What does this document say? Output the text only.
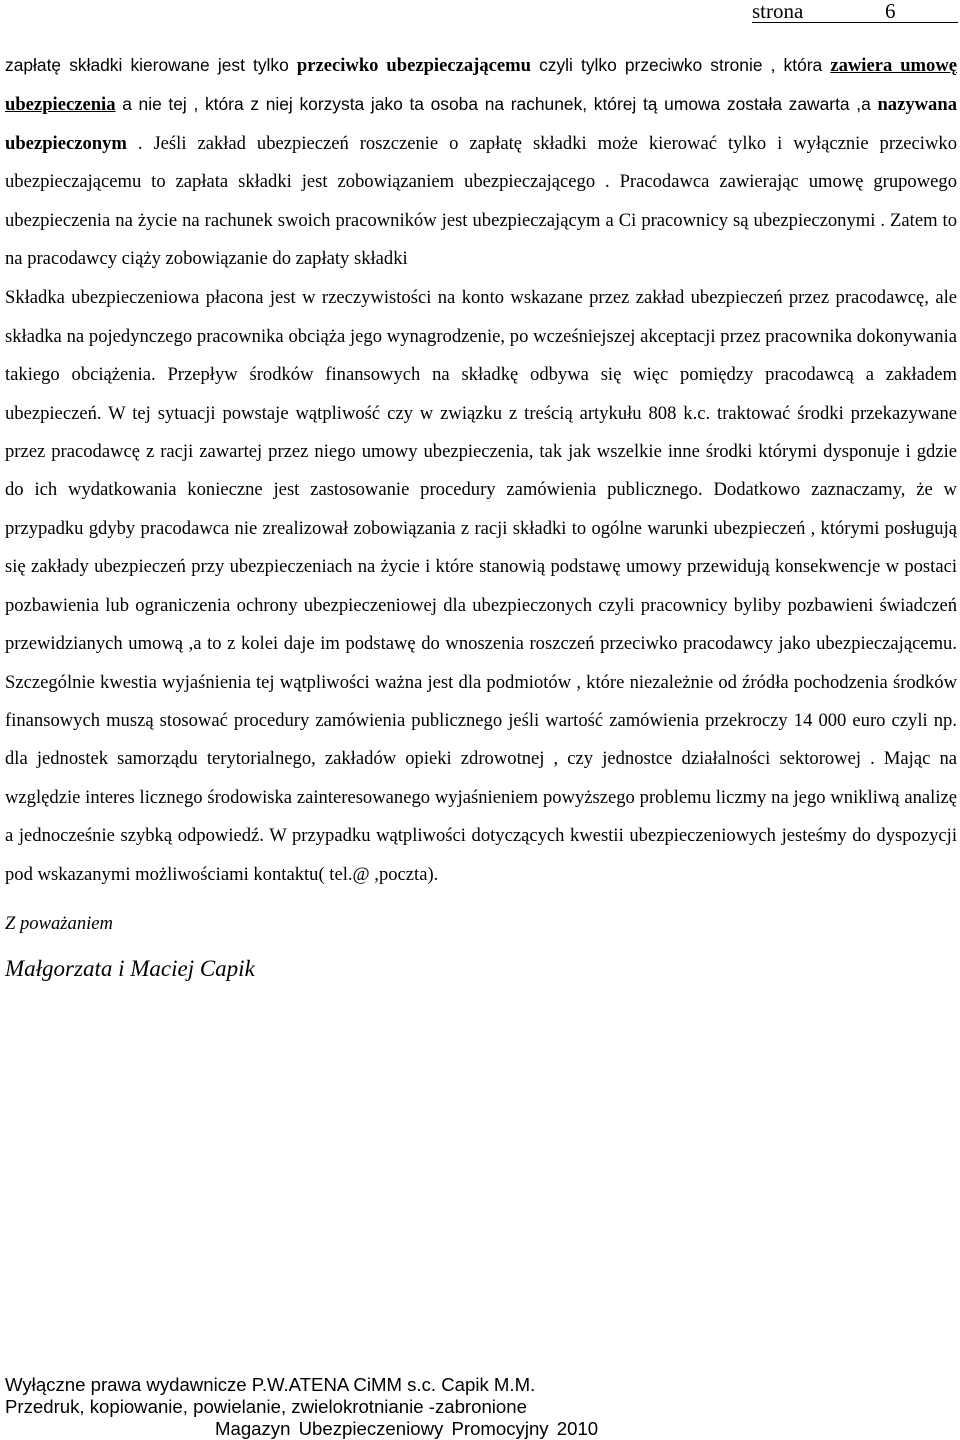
strona	6

zapłatę składki kierowane jest tylko przeciwko ubezpieczającemu czyli tylko przeciwko stronie , która zawiera umowę ubezpieczenia a nie tej , która z niej korzysta jako ta osoba na rachunek, której tą umowa została zawarta ,a nazywana ubezpieczonym . Jeśli zakład ubezpieczeń roszczenie o zapłatę składki może kierować tylko i wyłącznie przeciwko ubezpieczającemu to zapłata składki jest zobowiązaniem ubezpieczającego . Pracodawca zawierając umowę grupowego ubezpieczenia na życie na rachunek swoich pracowników jest ubezpieczającym a Ci pracownicy są ubezpieczonymi . Zatem to na pracodawcy ciąży zobowiązanie do zapłaty składki

Składka ubezpieczeniowa płacona jest w rzeczywistości na konto wskazane przez zakład ubezpieczeń przez pracodawcę, ale składka na pojedynczego pracownika obciąża jego wynagrodzenie, po wcześniejszej akceptacji przez pracownika dokonywania takiego obciążenia. Przepływ środków finansowych na składkę odbywa się więc pomiędzy pracodawcą a zakładem ubezpieczeń. W tej sytuacji powstaje wątpliwość czy w związku z treścią artykułu 808 k.c. traktować środki przekazywane przez pracodawcę z racji zawartej przez niego umowy ubezpieczenia, tak jak wszelkie inne środki którymi dysponuje i gdzie do ich wydatkowania konieczne jest zastosowanie procedury zamówienia publicznego. Dodatkowo zaznaczamy, że w przypadku gdyby pracodawca nie zrealizował zobowiązania z racji składki to ogólne warunki ubezpieczeń , którymi posługują się zakłady ubezpieczeń przy ubezpieczeniach na życie i które stanowią podstawę umowy przewidują konsekwencje w postaci pozbawienia lub ograniczenia ochrony ubezpieczeniowej dla ubezpieczonych czyli pracownicy byliby pozbawieni świadczeń przewidzianych umową ,a to z kolei daje im podstawę do wnoszenia roszczeń przeciwko pracodawcy jako ubezpieczającemu. Szczególnie kwestia wyjaśnienia tej wątpliwości ważna jest dla podmiotów , które niezależnie od źródła pochodzenia środków finansowych muszą stosować procedury zamówienia publicznego jeśli wartość zamówienia przekroczy 14 000 euro czyli np. dla jednostek samorządu terytorialnego, zakładów opieki zdrowotnej , czy jednostce działalności sektorowej . Mając na względzie interes licznego środowiska zainteresowanego wyjaśnieniem powyższego problemu liczmy na jego wnikliwą analizę a jednocześnie szybką odpowiedź. W przypadku wątpliwości dotyczących kwestii ubezpieczeniowych jesteśmy do dyspozycji pod wskazanymi możliwościami kontaktu( tel.@ ,poczta).

Z poważaniem
Małgorzata i Maciej Capik
Wyłączne prawa wydawnicze P.W.ATENA CiMM s.c. Capik M.M.
Przedruk, kopiowanie, powielanie, zwielokrotnianie -zabronione
Magazyn Ubezpieczeniowy Promocyjny 2010
